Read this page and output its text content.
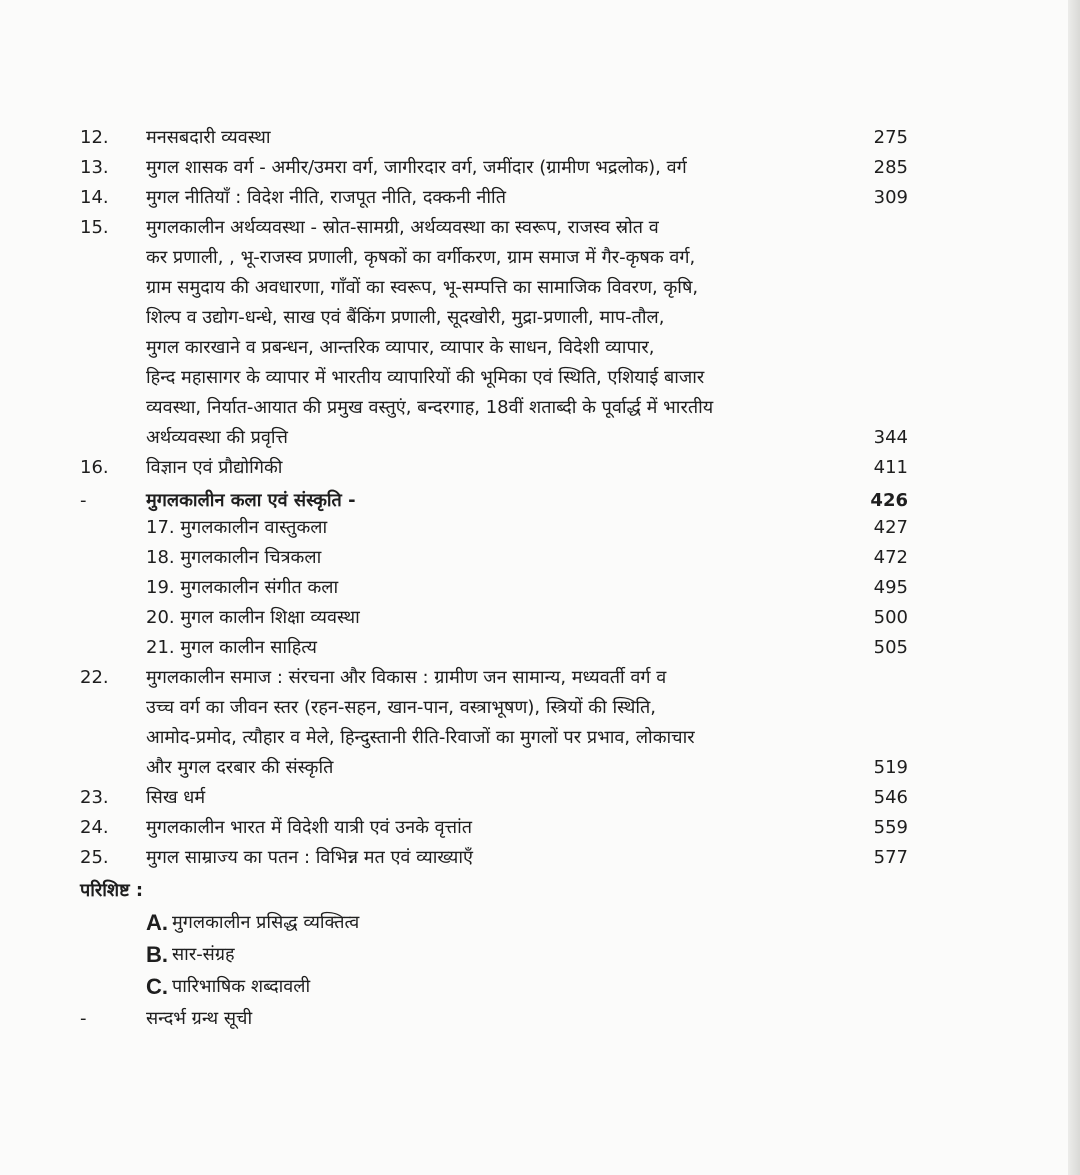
12. मनसबदारी व्यवस्था	275
13. मुगल शासक वर्ग - अमीर/उमरा वर्ग, जागीरदार वर्ग, जमींदार (ग्रामीण भद्रलोक), वर्ग	285
14. मुगल नीतियाँ : विदेश नीति, राजपूत नीति, दक्कनी नीति	309
15. मुगलकालीन अर्थव्यवस्था - स्रोत-सामग्री, अर्थव्यवस्था का स्वरूप, राजस्व स्रोत व
कर प्रणाली, , भू-राजस्व प्रणाली, कृषकों का वर्गीकरण, ग्राम समाज में गैर-कृषक वर्ग,
ग्राम समुदाय की अवधारणा, गाँवों का स्वरूप, भू-सम्पत्ति का सामाजिक विवरण, कृषि,
शिल्प व उद्योग-धन्धे, साख एवं बैंकिंग प्रणाली, सूदखोरी, मुद्रा-प्रणाली, माप-तौल,
मुगल कारखाने व प्रबन्धन, आन्तरिक व्यापार, व्यापार के साधन, विदेशी व्यापार,
हिन्द महासागर के व्यापार में भारतीय व्यापारियों की भूमिका एवं स्थिति, एशियाई बाजार
व्यवस्था, निर्यात-आयात की प्रमुख वस्तुएं, बन्दरगाह, 18वीं शताब्दी के पूर्वार्द्ध में भारतीय
अर्थव्यवस्था की प्रवृत्ति	344
16. विज्ञान एवं प्रौद्योगिकी	411
-	मुगलकालीन कला एवं संस्कृति -	426
17. मुगलकालीन वास्तुकला	427
18. मुगलकालीन चित्रकला	472
19. मुगलकालीन संगीत कला	495
20. मुगल कालीन शिक्षा व्यवस्था	500
21. मुगल कालीन साहित्य	505
22. मुगलकालीन समाज : संरचना और विकास : ग्रामीण जन सामान्य, मध्यवर्ती वर्ग व
उच्च वर्ग का जीवन स्तर (रहन-सहन, खान-पान, वस्त्राभूषण), स्त्रियों की स्थिति,
आमोद-प्रमोद, त्यौहार व मेले, हिन्दुस्तानी रीति-रिवाजों का मुगलों पर प्रभाव, लोकाचार
और मुगल दरबार की संस्कृति	519
23. सिख धर्म	546
24. मुगलकालीन भारत में विदेशी यात्री एवं उनके वृत्तांत	559
25. मुगल साम्राज्य का पतन : विभिन्न मत एवं व्याख्याएँ	577
परिशिष्ट :
A. मुगलकालीन प्रसिद्ध व्यक्तित्व
B. सार-संग्रह
C. पारिभाषिक शब्दावली
-	सन्दर्भ ग्रन्थ सूची
